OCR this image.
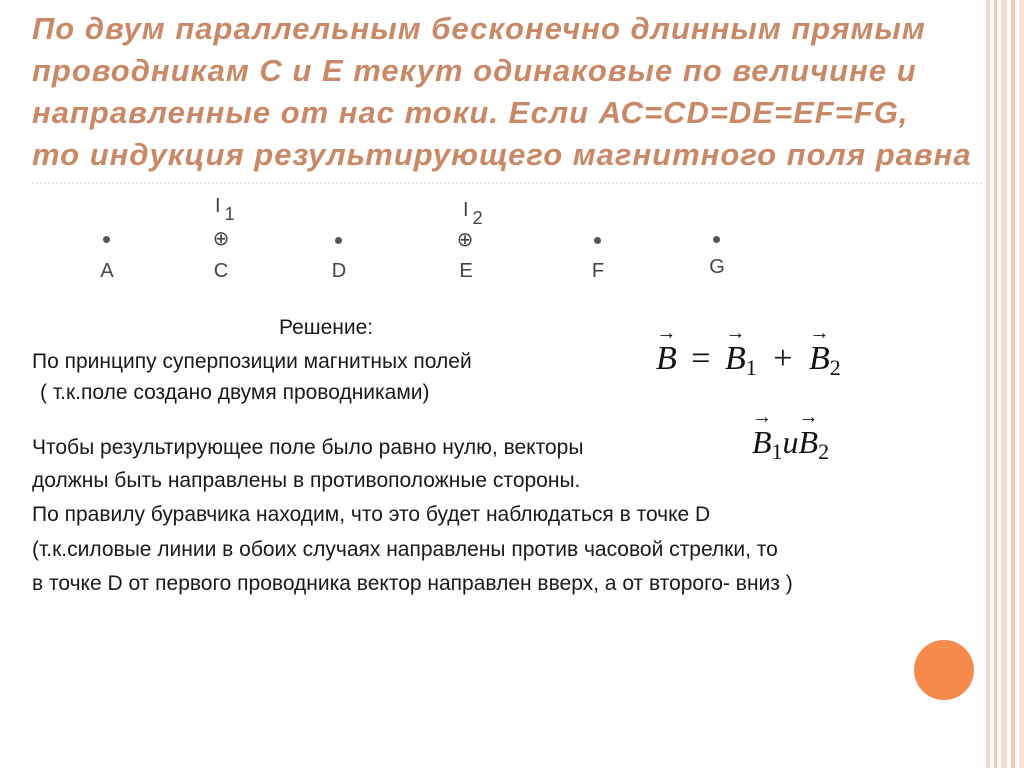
По двум параллельным бесконечно длинным прямым
проводникам С и Е текут одинаковые по величине и
направленные от нас токи. Если АС=CD=DE=EF=FG,
то индукция результирующего магнитного поля равна
A
I $_1$
⊕
C	D
I $_2$
⊕
E	F	G
Решение:
По принципу суперпозиции магнитных полей
( т.к.поле создано двумя проводниками)
Чтобы результирующее поле было равно нулю, векторы
должны быть направлены в противоположные стороны.
По правилу буравчика находим, что это будет наблюдаться в точке D
(т.к.силовые линии в обоих случаях направлены против часовой стрелки, то
в точке D от первого проводника вектор направлен вверх, а от второго- вниз )
→
B =
→
$B_1$ +
→
$B_2$
→
$B_1и$
→
$B_2$
